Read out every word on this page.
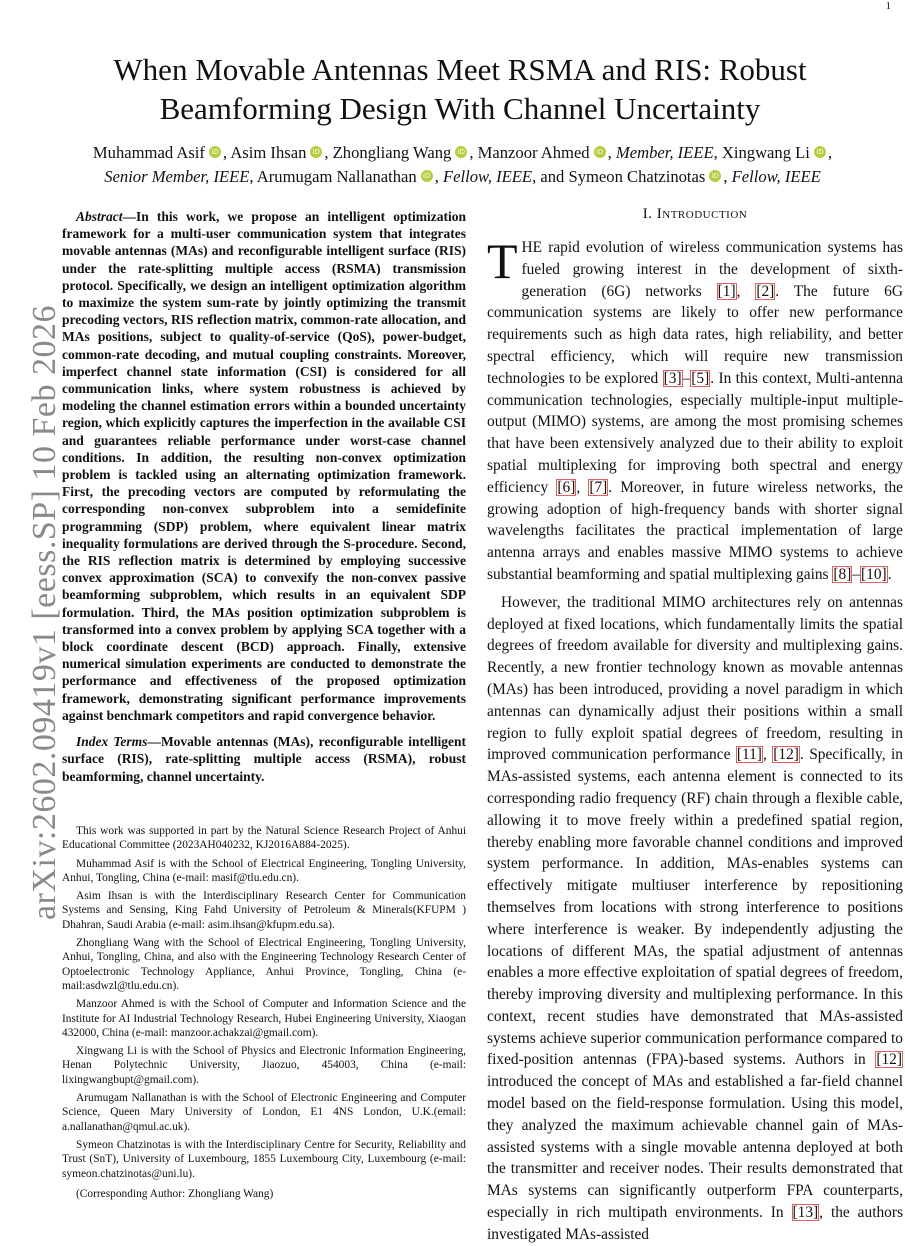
1
arXiv:2602.09419v1 [eess.SP] 10 Feb 2026
When Movable Antennas Meet RSMA and RIS: Robust Beamforming Design With Channel Uncertainty
Muhammad Asif iD , Asim Ihsan iD , Zhongliang Wang iD , Manzoor Ahmed iD , Member, IEEE, Xingwang Li iD ,
Senior Member, IEEE, Arumugam Nallanathan iD , Fellow, IEEE, and Symeon Chatzinotas iD , Fellow, IEEE

Abstract—In this work, we propose an intelligent optimization framework for a multi-user communication system that integrates movable antennas (MAs) and reconfigurable intelligent surface (RIS) under the rate-splitting multiple access (RSMA) transmission protocol. Specifically, we design an intelligent optimization algorithm to maximize the system sum-rate by jointly optimizing the transmit precoding vectors, RIS reflection matrix, common-rate allocation, and MAs positions, subject to quality-of-service (QoS), power-budget, common-rate decoding, and mutual coupling constraints. Moreover, imperfect channel state information (CSI) is considered for all communication links, where system robustness is achieved by modeling the channel estimation errors within a bounded uncertainty region, which explicitly captures the imperfection in the available CSI and guarantees reliable performance under worst-case channel conditions. In addition, the resulting non-convex optimization problem is tackled using an alternating optimization framework. First, the precoding vectors are computed by reformulating the corresponding non-convex subproblem into a semidefinite programming (SDP) problem, where equivalent linear matrix inequality formulations are derived through the S-procedure. Second, the RIS reflection matrix is determined by employing successive convex approximation (SCA) to convexify the non-convex passive beamforming subproblem, which results in an equivalent SDP formulation. Third, the MAs position optimization subproblem is transformed into a convex problem by applying SCA together with a block coordinate descent (BCD) approach. Finally, extensive numerical simulation experiments are conducted to demonstrate the performance and effectiveness of the proposed optimization framework, demonstrating significant performance improvements against benchmark competitors and rapid convergence behavior.

Index Terms—Movable antennas (MAs), reconfigurable intelligent surface (RIS), rate-splitting multiple access (RSMA), robust beamforming, channel uncertainty.

This work was supported in part by the Natural Science Research Project of Anhui Educational Committee (2023AH040232, KJ2016A884-2025).

Muhammad Asif is with the School of Electrical Engineering, Tongling University, Anhui, Tongling, China (e-mail: masif@tlu.edu.cn).

Asim Ihsan is with the Interdisciplinary Research Center for Communication Systems and Sensing, King Fahd University of Petroleum & Minerals(KFUPM ) Dhahran, Saudi Arabia (e-mail: asim.ihsan@kfupm.edu.sa).

Zhongliang Wang with the School of Electrical Engineering, Tongling University, Anhui, Tongling, China, and also with the Engineering Technology Research Center of Optoelectronic Technology Appliance, Anhui Province, Tongling, China (e-mail:asdwzl@tlu.edu.cn).

Manzoor Ahmed is with the School of Computer and Information Science and the Institute for AI Industrial Technology Research, Hubei Engineering University, Xiaogan 432000, China (e-mail: manzoor.achakzai@gmail.com).

Xingwang Li is with the School of Physics and Electronic Information Engineering, Henan Polytechnic University, Jiaozuo, 454003, China (e-mail: lixingwangbupt@gmail.com).

Arumugam Nallanathan is with the School of Electronic Engineering and Computer Science, Queen Mary University of London, E1 4NS London, U.K.(email: a.nallanathan@qmul.ac.uk).

Symeon Chatzinotas is with the Interdisciplinary Centre for Security, Reliability and Trust (SnT), University of Luxembourg, 1855 Luxembourg City, Luxembourg (e-mail: symeon.chatzinotas@uni.lu).

(Corresponding Author: Zhongliang Wang)

I. Introduction

THE rapid evolution of wireless communication systems has fueled growing interest in the development of sixth-generation (6G) networks [1], [2]. The future 6G communication systems are likely to offer new performance requirements such as high data rates, high reliability, and better spectral efficiency, which will require new transmission technologies to be explored [3]–[5]. In this context, Multi-antenna communication technologies, especially multiple-input multiple-output (MIMO) systems, are among the most promising schemes that have been extensively analyzed due to their ability to exploit spatial multiplexing for improving both spectral and energy efficiency [6], [7]. Moreover, in future wireless networks, the growing adoption of high-frequency bands with shorter signal wavelengths facilitates the practical implementation of large antenna arrays and enables massive MIMO systems to achieve substantial beamforming and spatial multiplexing gains [8]–[10].

However, the traditional MIMO architectures rely on antennas deployed at fixed locations, which fundamentally limits the spatial degrees of freedom available for diversity and multiplexing gains. Recently, a new frontier technology known as movable antennas (MAs) has been introduced, providing a novel paradigm in which antennas can dynamically adjust their positions within a small region to fully exploit spatial degrees of freedom, resulting in improved communication performance [11], [12]. Specifically, in MAs-assisted systems, each antenna element is connected to its corresponding radio frequency (RF) chain through a flexible cable, allowing it to move freely within a predefined spatial region, thereby enabling more favorable channel conditions and improved system performance. In addition, MAs-enables systems can effectively mitigate multiuser interference by repositioning themselves from locations with strong interference to positions where interference is weaker. By independently adjusting the locations of different MAs, the spatial adjustment of antennas enables a more effective exploitation of spatial degrees of freedom, thereby improving diversity and multiplexing performance. In this context, recent studies have demonstrated that MAs-assisted systems achieve superior communication performance compared to fixed-position antennas (FPA)-based systems. Authors in [12] introduced the concept of MAs and established a far-field channel model based on the field-response formulation. Using this model, they analyzed the maximum achievable channel gain of MAs-assisted systems with a single movable antenna deployed at both the transmitter and receiver nodes. Their results demonstrated that MAs systems can significantly outperform FPA counterparts, especially in rich multipath environments. In [13], the authors investigated MAs-assisted
